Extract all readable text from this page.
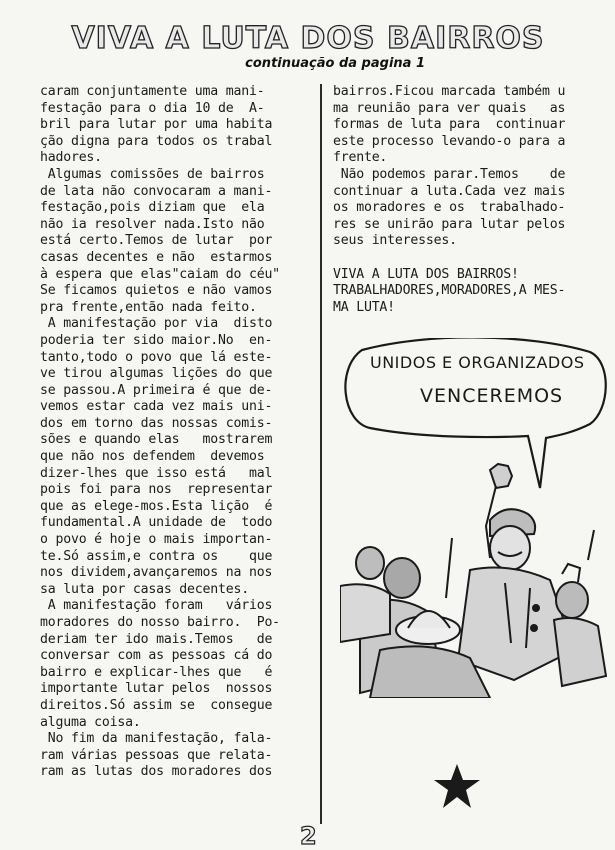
VIVA A LUTA DOS BAIRROS
continuação da pagina 1
caram conjuntamente uma mani-
festação para o dia 10 de  A-
bril para lutar por uma habita
ção digna para todos os trabal
hadores.
Algumas comissões de bairros
de lata não convocaram a mani-
festação,pois diziam que  ela
não ia resolver nada.Isto não
está certo.Temos de lutar  por
casas decentes e não  estarmos
à espera que elas"caiam do céu"
Se ficamos quietos e não vamos
pra frente,então nada feito.
A manifestação por via  disto
poderia ter sido maior.No  en-
tanto,todo o povo que lá este-
ve tirou algumas lições do que
se passou.A primeira é que de-
vemos estar cada vez mais uni-
dos em torno das nossas comis-
sões e quando elas   mostrarem
que não nos defendem  devemos
dizer-lhes que isso está   mal
pois foi para nos  representar
que as elege-mos.Esta lição  é
fundamental.A unidade de  todo
o povo é hoje o mais importan-
te.Só assim,e contra os    que
nos dividem,avançaremos na nos
sa luta por casas decentes.
A manifestação foram   vários
moradores do nosso bairro.  Po-
deriam ter ido mais.Temos   de
conversar com as pessoas cá do
bairro e explicar-lhes que   é
importante lutar pelos  nossos
direitos.Só assim se  consegue
alguma coisa.
No fim da manifestação, fala-
ram várias pessoas que relata-
ram as lutas dos moradores dos
bairros.Ficou marcada também u
ma reunião para ver quais   as
formas de luta para  continuar
este processo levando-o para a
frente.
Não podemos parar.Temos    de
continuar a luta.Cada vez mais
os moradores e os  trabalhado-
res se unirão para lutar pelos
seus interesses.

VIVA A LUTA DOS BAIRROS!
TRABALHADORES,MORADORES,A MES-
MA LUTA!
UNIDOS E ORGANIZADOS
VENCEREMOS
2
